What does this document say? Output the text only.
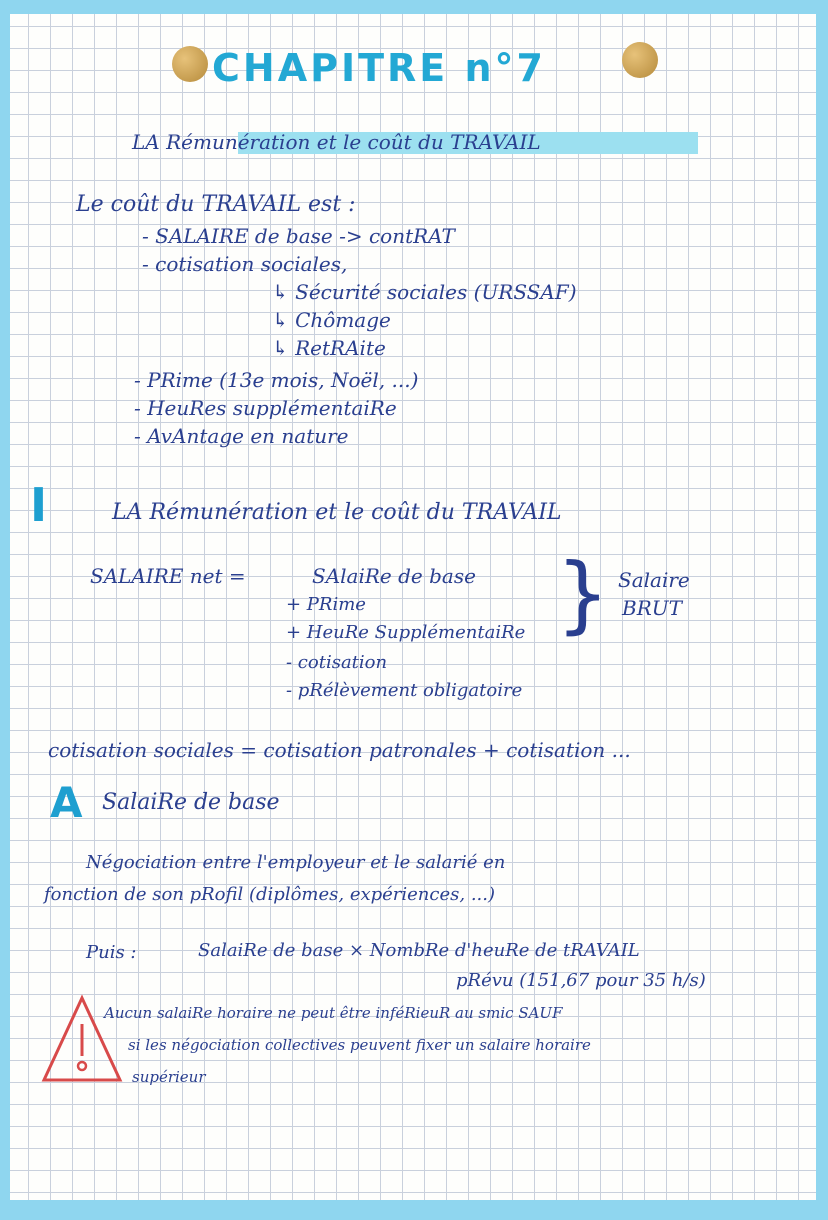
CHAPITRE n°7
LA Rémunération et le coût du TRAVAIL
Le coût du TRAVAIL est :
- SALAIRE de base -> contRAT
- cotisation sociales,
↳ Sécurité sociales (URSSAF)
↳ Chômage
↳ RetRAite
- PRime (13e mois, Noël, ...)
- HeuRes supplémentaiRe
- AvAntage en nature
I	LA Rémunération et le coût du TRAVAIL
SALAIRE net =	SAlaiRe de base
+ PRime
+ HeuRe SupplémentaiRe
- cotisation
- pRélèvement obligatoire
} Salaire
BRUT
cotisation sociales = cotisation patronales + cotisation ...
A SalaiRe de base
Négociation entre l'employeur et le salarié en
fonction de son pRofil (diplômes, expériences, ...)
Puis :	SalaiRe de base × NombRe d'heuRe de tRAVAIL
pRévu (151,67 pour 35 h/s)
Aucun salaiRe horaire ne peut être inféRieuR au smic SAUF
si les négociation collectives peuvent fixer un salaire horaire
supérieur
